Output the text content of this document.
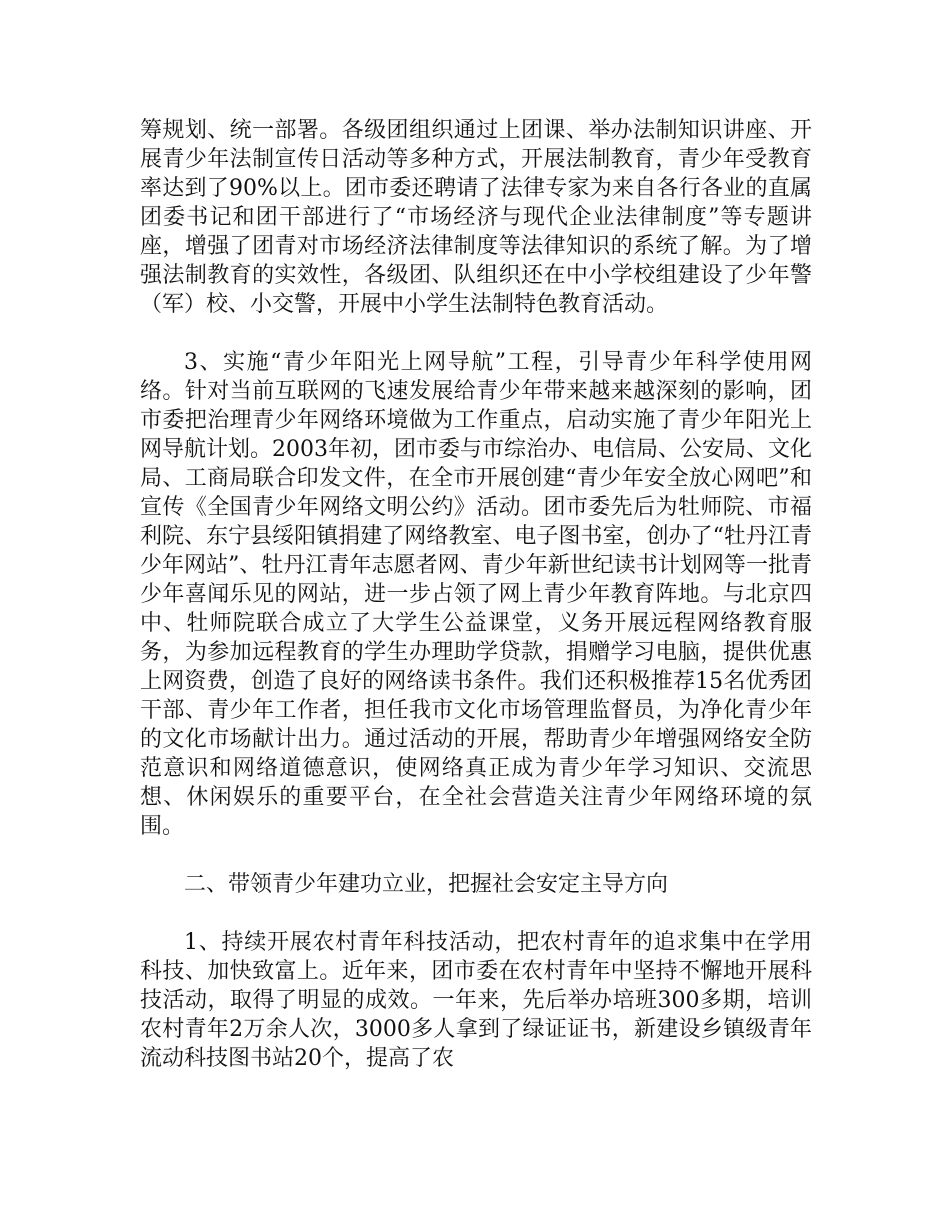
筹规划、统一部署。各级团组织通过上团课、举办法制知识讲座、开展青少年法制宣传日活动等多种方式，开展法制教育，青少年受教育率达到了90%以上。团市委还聘请了法律专家为来自各行各业的直属团委书记和团干部进行了“市场经济与现代企业法律制度”等专题讲座，增强了团青对市场经济法律制度等法律知识的系统了解。为了增强法制教育的实效性，各级团、队组织还在中小学校组建设了少年警（军）校、小交警，开展中小学生法制特色教育活动。

3、实施“青少年阳光上网导航”工程，引导青少年科学使用网络。针对当前互联网的飞速发展给青少年带来越来越深刻的影响，团市委把治理青少年网络环境做为工作重点，启动实施了青少年阳光上网导航计划。2003年初，团市委与市综治办、电信局、公安局、文化局、工商局联合印发文件，在全市开展创建“青少年安全放心网吧”和宣传《全国青少年网络文明公约》活动。团市委先后为牡师院、市福利院、东宁县绥阳镇捐建了网络教室、电子图书室，创办了“牡丹江青少年网站”、牡丹江青年志愿者网、青少年新世纪读书计划网等一批青少年喜闻乐见的网站，进一步占领了网上青少年教育阵地。与北京四中、牡师院联合成立了大学生公益课堂，义务开展远程网络教育服务，为参加远程教育的学生办理助学贷款，捐赠学习电脑，提供优惠上网资费，创造了良好的网络读书条件。我们还积极推荐15名优秀团干部、青少年工作者，担任我市文化市场管理监督员，为净化青少年的文化市场献计出力。通过活动的开展，帮助青少年增强网络安全防范意识和网络道德意识，使网络真正成为青少年学习知识、交流思想、休闲娱乐的重要平台，在全社会营造关注青少年网络环境的氛围。

二、带领青少年建功立业，把握社会安定主导方向

1、持续开展农村青年科技活动，把农村青年的追求集中在学用科技、加快致富上。近年来，团市委在农村青年中坚持不懈地开展科技活动，取得了明显的成效。一年来，先后举办培班300多期，培训农村青年2万余人次，3000多人拿到了绿证证书，新建设乡镇级青年流动科技图书站20个，提高了农
